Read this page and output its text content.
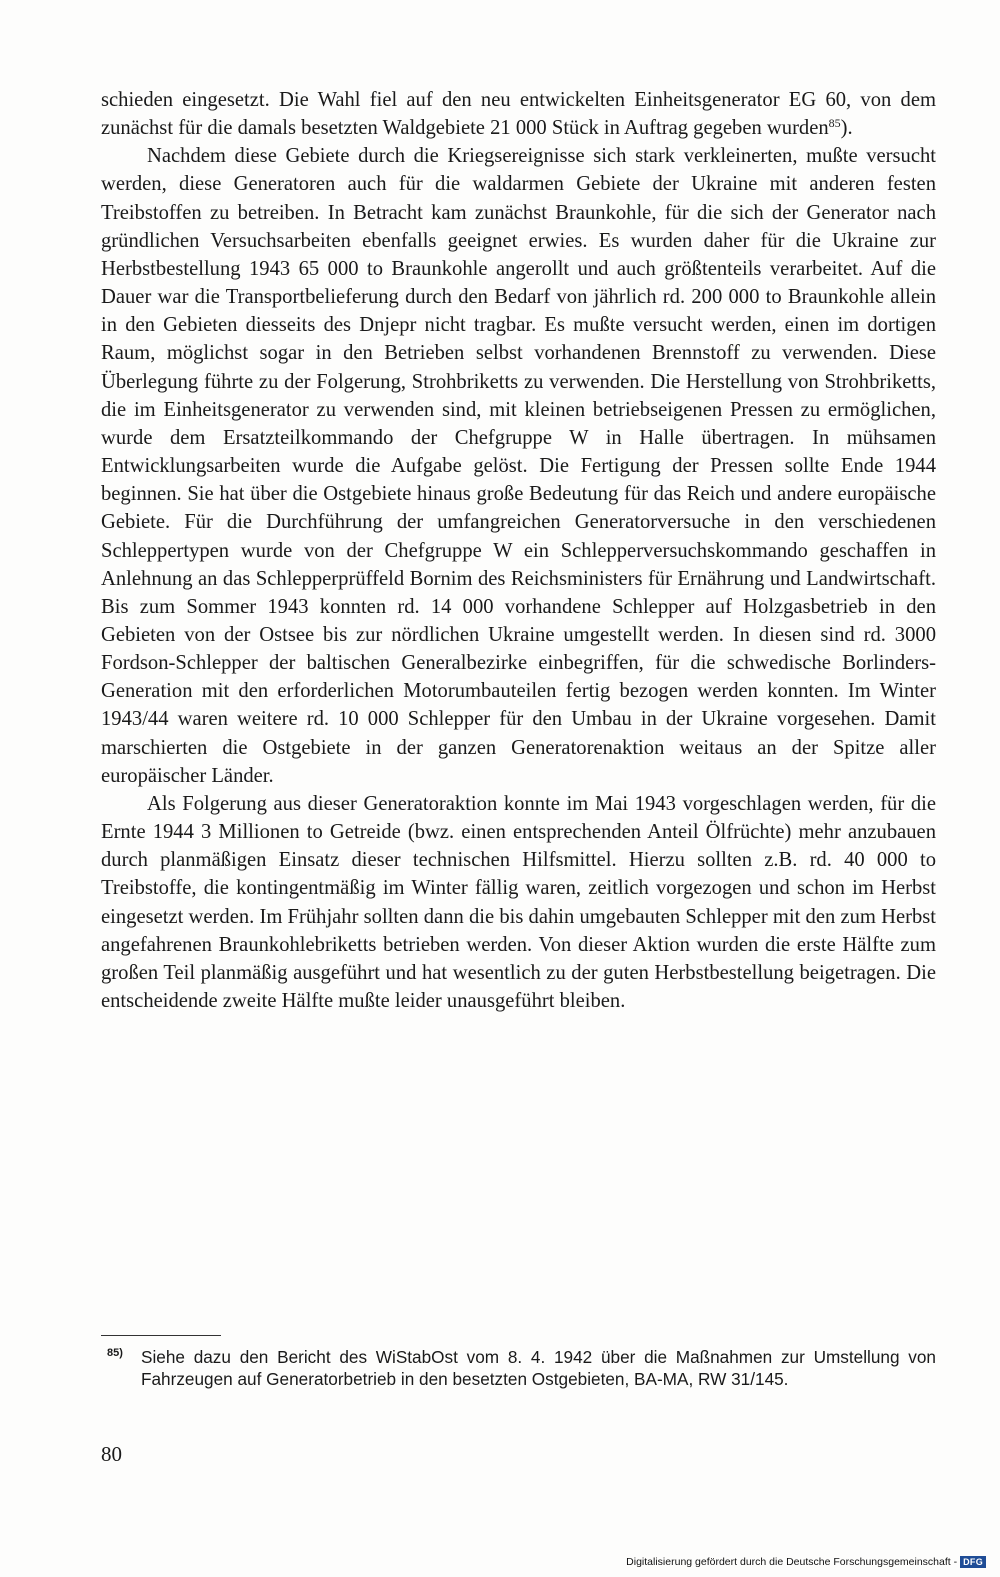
schieden eingesetzt. Die Wahl fiel auf den neu entwickelten Einheitsgenerator EG 60, von dem zunächst für die damals besetzten Waldgebiete 21 000 Stück in Auftrag gegeben wurden$^{85}$).

Nachdem diese Gebiete durch die Kriegsereignisse sich stark verkleinerten, mußte versucht werden, diese Generatoren auch für die waldarmen Gebiete der Ukraine mit anderen festen Treibstoffen zu betreiben. In Betracht kam zunächst Braunkohle, für die sich der Generator nach gründlichen Versuchsarbeiten ebenfalls geeignet erwies. Es wurden daher für die Ukraine zur Herbstbestellung 1943 65 000 to Braunkohle angerollt und auch größtenteils verarbeitet. Auf die Dauer war die Transportbelieferung durch den Bedarf von jährlich rd. 200 000 to Braunkohle allein in den Gebieten diesseits des Dnjepr nicht tragbar. Es mußte versucht werden, einen im dortigen Raum, möglichst sogar in den Betrieben selbst vorhandenen Brennstoff zu verwenden. Diese Überlegung führte zu der Folgerung, Strohbriketts zu verwenden. Die Herstellung von Strohbriketts, die im Einheitsgenerator zu verwenden sind, mit kleinen betriebseigenen Pressen zu ermöglichen, wurde dem Ersatzteilkommando der Chefgruppe W in Halle übertragen. In mühsamen Entwicklungsarbeiten wurde die Aufgabe gelöst. Die Fertigung der Pressen sollte Ende 1944 beginnen. Sie hat über die Ostgebiete hinaus große Bedeutung für das Reich und andere europäische Gebiete. Für die Durchführung der umfangreichen Generatorversuche in den verschiedenen Schleppertypen wurde von der Chefgruppe W ein Schlepperversuchskommando geschaffen in Anlehnung an das Schlepperprüffeld Bornim des Reichsministers für Ernährung und Landwirtschaft. Bis zum Sommer 1943 konnten rd. 14 000 vorhandene Schlepper auf Holzgasbetrieb in den Gebieten von der Ostsee bis zur nördlichen Ukraine umgestellt werden. In diesen sind rd. 3000 Fordson-Schlepper der baltischen Generalbezirke einbegriffen, für die schwedische Borlinders-Generation mit den erforderlichen Motorumbauteilen fertig bezogen werden konnten. Im Winter 1943/44 waren weitere rd. 10 000 Schlepper für den Umbau in der Ukraine vorgesehen. Damit marschierten die Ostgebiete in der ganzen Generatorenaktion weitaus an der Spitze aller europäischer Länder.

Als Folgerung aus dieser Generatoraktion konnte im Mai 1943 vorgeschlagen werden, für die Ernte 1944 3 Millionen to Getreide (bwz. einen entsprechenden Anteil Ölfrüchte) mehr anzubauen durch planmäßigen Einsatz dieser technischen Hilfsmittel. Hierzu sollten z.B. rd. 40 000 to Treibstoffe, die kontingentmäßig im Winter fällig waren, zeitlich vorgezogen und schon im Herbst eingesetzt werden. Im Frühjahr sollten dann die bis dahin umgebauten Schlepper mit den zum Herbst angefahrenen Braunkohlebriketts betrieben werden. Von dieser Aktion wurden die erste Hälfte zum großen Teil planmäßig ausgeführt und hat wesentlich zu der guten Herbstbestellung beigetragen. Die entscheidende zweite Hälfte mußte leider unausgeführt bleiben.

85)	Siehe dazu den Bericht des WiStabOst vom 8. 4. 1942 über die Maßnahmen zur Umstellung von Fahrzeugen auf Generatorbetrieb in den besetzten Ostgebieten, BA-MA, RW 31/145.
80
Digitalisierung gefördert durch die Deutsche Forschungsgemeinschaft - DFG
